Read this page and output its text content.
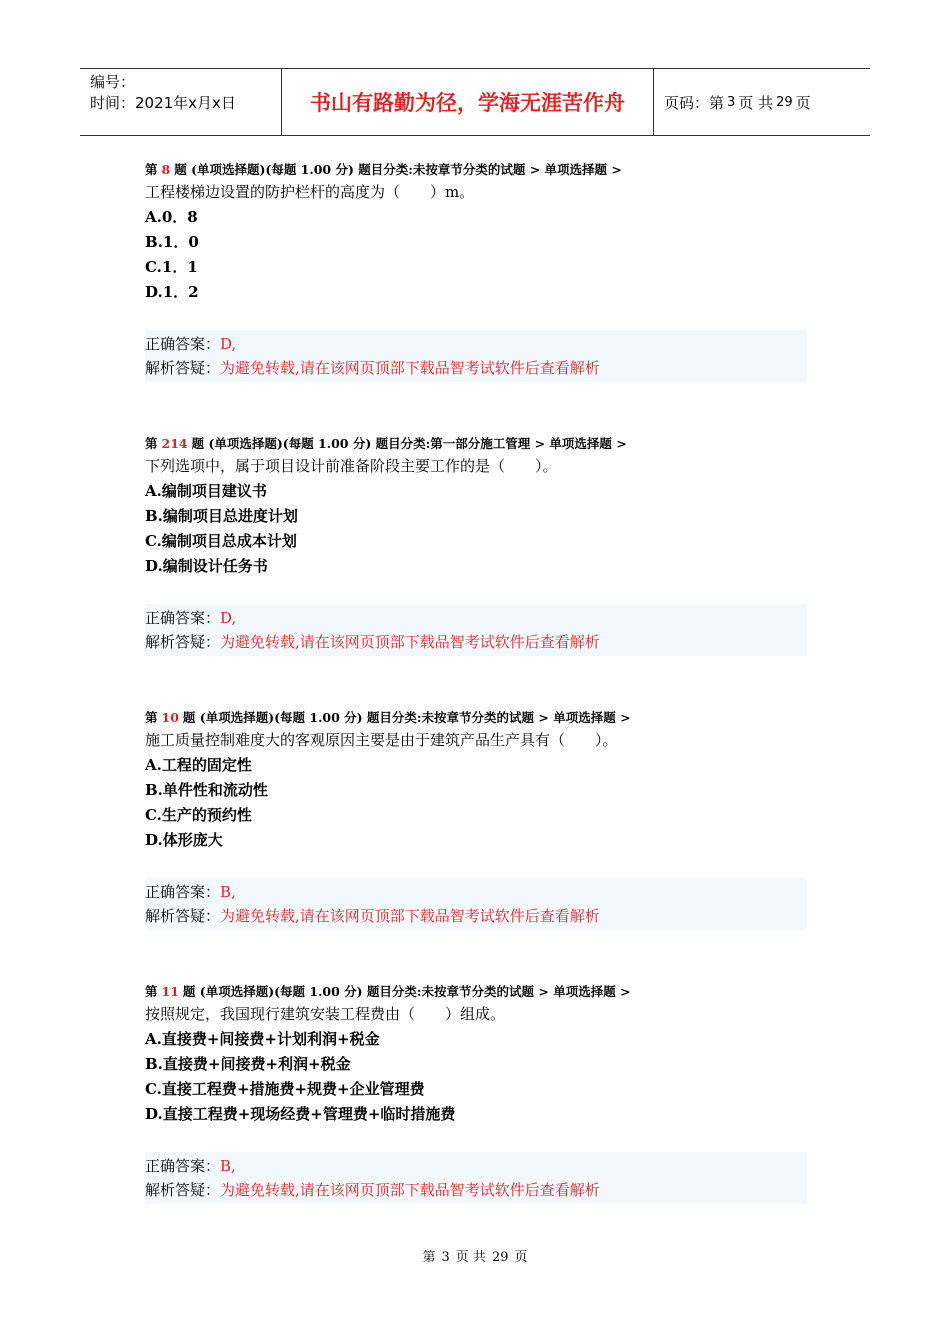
编号：
时间：2021年x月x日	书山有路勤为径，学海无涯苦作舟	页码：第 3 页 共 29 页
第 8 题 (单项选择题)(每题 1.00 分) 题目分类:未按章节分类的试题 > 单项选择题 >
工程楼梯边设置的防护栏杆的高度为（　　）m。
A.0．8
B.1．0
C.1．1
D.1．2
正确答案：D,
解析答疑：为避免转载,请在该网页顶部下载品智考试软件后查看解析
第 214 题 (单项选择题)(每题 1.00 分) 题目分类:第一部分施工管理 > 单项选择题 >
下列选项中，属于项目设计前准备阶段主要工作的是（　　）。
A.编制项目建议书
B.编制项目总进度计划
C.编制项目总成本计划
D.编制设计任务书
正确答案：D,
解析答疑：为避免转载,请在该网页顶部下载品智考试软件后查看解析
第 10 题 (单项选择题)(每题 1.00 分) 题目分类:未按章节分类的试题 > 单项选择题 >
施工质量控制难度大的客观原因主要是由于建筑产品生产具有（　　）。
A.工程的固定性
B.单件性和流动性
C.生产的预约性
D.体形庞大
正确答案：B,
解析答疑：为避免转载,请在该网页顶部下载品智考试软件后查看解析
第 11 题 (单项选择题)(每题 1.00 分) 题目分类:未按章节分类的试题 > 单项选择题 >
按照规定，我国现行建筑安装工程费由（　　）组成。
A.直接费+间接费+计划利润+税金
B.直接费+间接费+利润+税金
C.直接工程费+措施费+规费+企业管理费
D.直接工程费+现场经费+管理费+临时措施费
正确答案：B,
解析答疑：为避免转载,请在该网页顶部下载品智考试软件后查看解析
第 3 页 共 29 页
